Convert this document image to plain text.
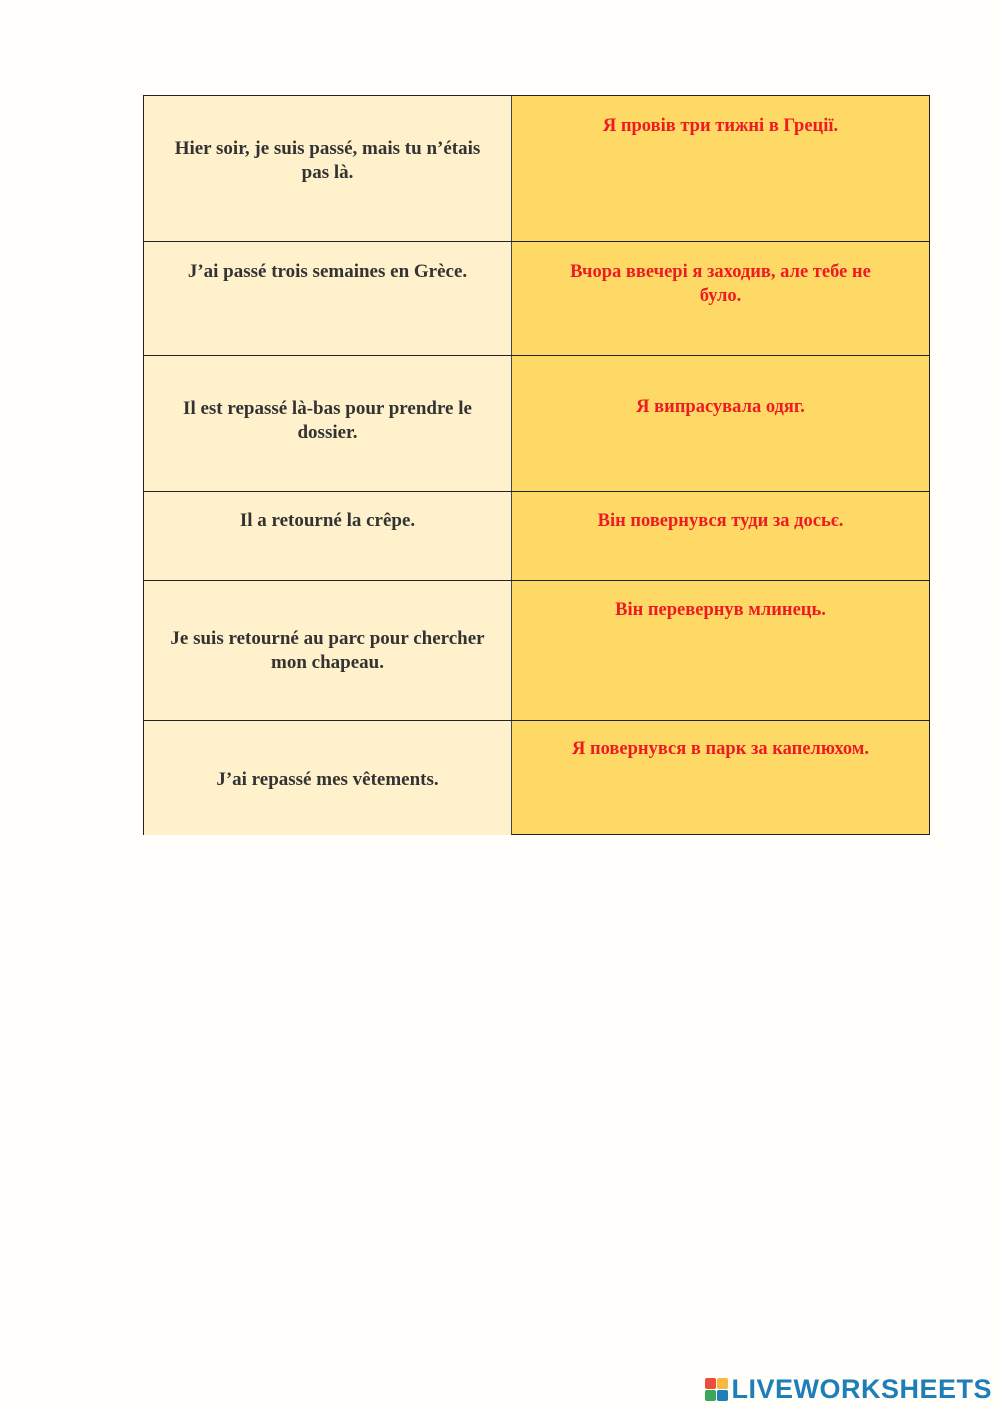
Hier soir, je suis passé, mais tu n’étais pas là.
Я провів три тижні в Греції.
J’ai passé trois semaines en Grèce.	Вчора ввечері я заходив, але тебе не було.
Il est repassé là-bas pour prendre le dossier.
Я випрасувала одяг.
Il a retourné la crêpe.	Він повернувся туди за досьє.
Je suis retourné au parc pour chercher mon chapeau.
Він перевернув млинець.
J’ai repassé mes vêtements.
Я повернувся в парк за капелюхом.
LIVEWORKSHEETS
